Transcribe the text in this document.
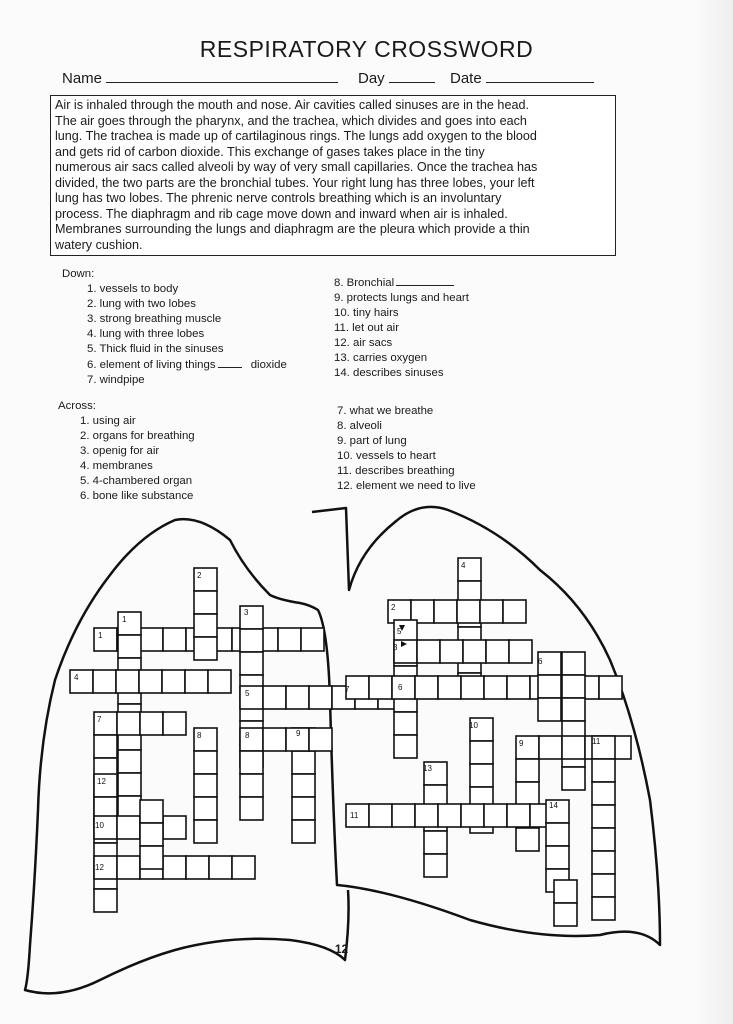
RESPIRATORY CROSSWORD
Name	Day	Date
Air is inhaled through the mouth and nose. Air cavities called sinuses are in the head.
The air goes through the pharynx, and the trachea, which divides and goes into each
lung. The trachea is made up of cartilaginous rings. The lungs add oxygen to the blood
and gets rid of carbon dioxide. This exchange of gases takes place in the tiny
numerous air sacs called alveoli by way of very small capillaries. Once the trachea has
divided, the two parts are the bronchial tubes. Your right lung has three lobes, your left
lung has two lobes. The phrenic nerve controls breathing which is an involuntary
process. The diaphragm and rib cage move down and inward when air is inhaled.
Membranes surrounding the lungs and diaphragm are the pleura which provide a thin
watery cushion.
Down:
1. vessels to body
2. lung with two lobes
3. strong breathing muscle
4. lung with three lobes
5. Thick fluid in the sinuses
6. element of living things	dioxide
7. windpipe
8. Bronchial
9. protects lungs and heart
10. tiny hairs
11. let out air
12. air sacs
13. carries oxygen
14. describes sinuses
Across:
1. using air
2. organs for breathing
3. openig for air
4. membranes
5. 4-chambered organ
6. bone like substance
7. what we breathe
8. alveoli
9. part of lung
10. vessels to heart
11. describes breathing
12. element we need to live
2
1
3
1
2
4
5
3
6
4
5
7
6
7
10
8	8	9
9	11
13
12
14
11
10
12
12
